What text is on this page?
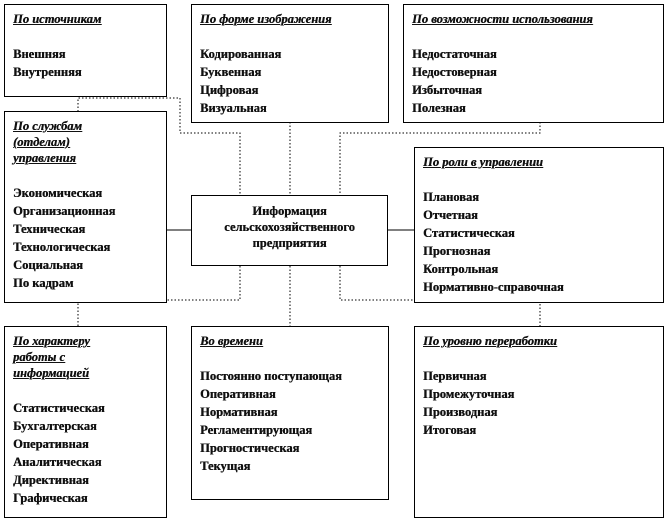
По источникам
Внешняя
Внутренняя
По форме изображения
Кодированная
Буквенная
Цифровая
Визуальная
По возможности использования
Недостаточная
Недостоверная
Избыточная
Полезная
По службам (отделам) управления
Экономическая
Организационная
Техническая
Технологическая
Социальная
По кадрам
Информация
сельскохозяйственного
предприятия
По роли в управлении
Плановая
Отчетная
Статистическая
Прогнозная
Контрольная
Нормативно-справочная
По характеру работы с информацией
Статистическая
Бухгалтерская
Оперативная
Аналитическая
Директивная
Графическая
Во времени
Постоянно поступающая
Оперативная
Нормативная
Регламентирующая
Прогностическая
Текущая
По уровню переработки
Первичная
Промежуточная
Производная
Итоговая
